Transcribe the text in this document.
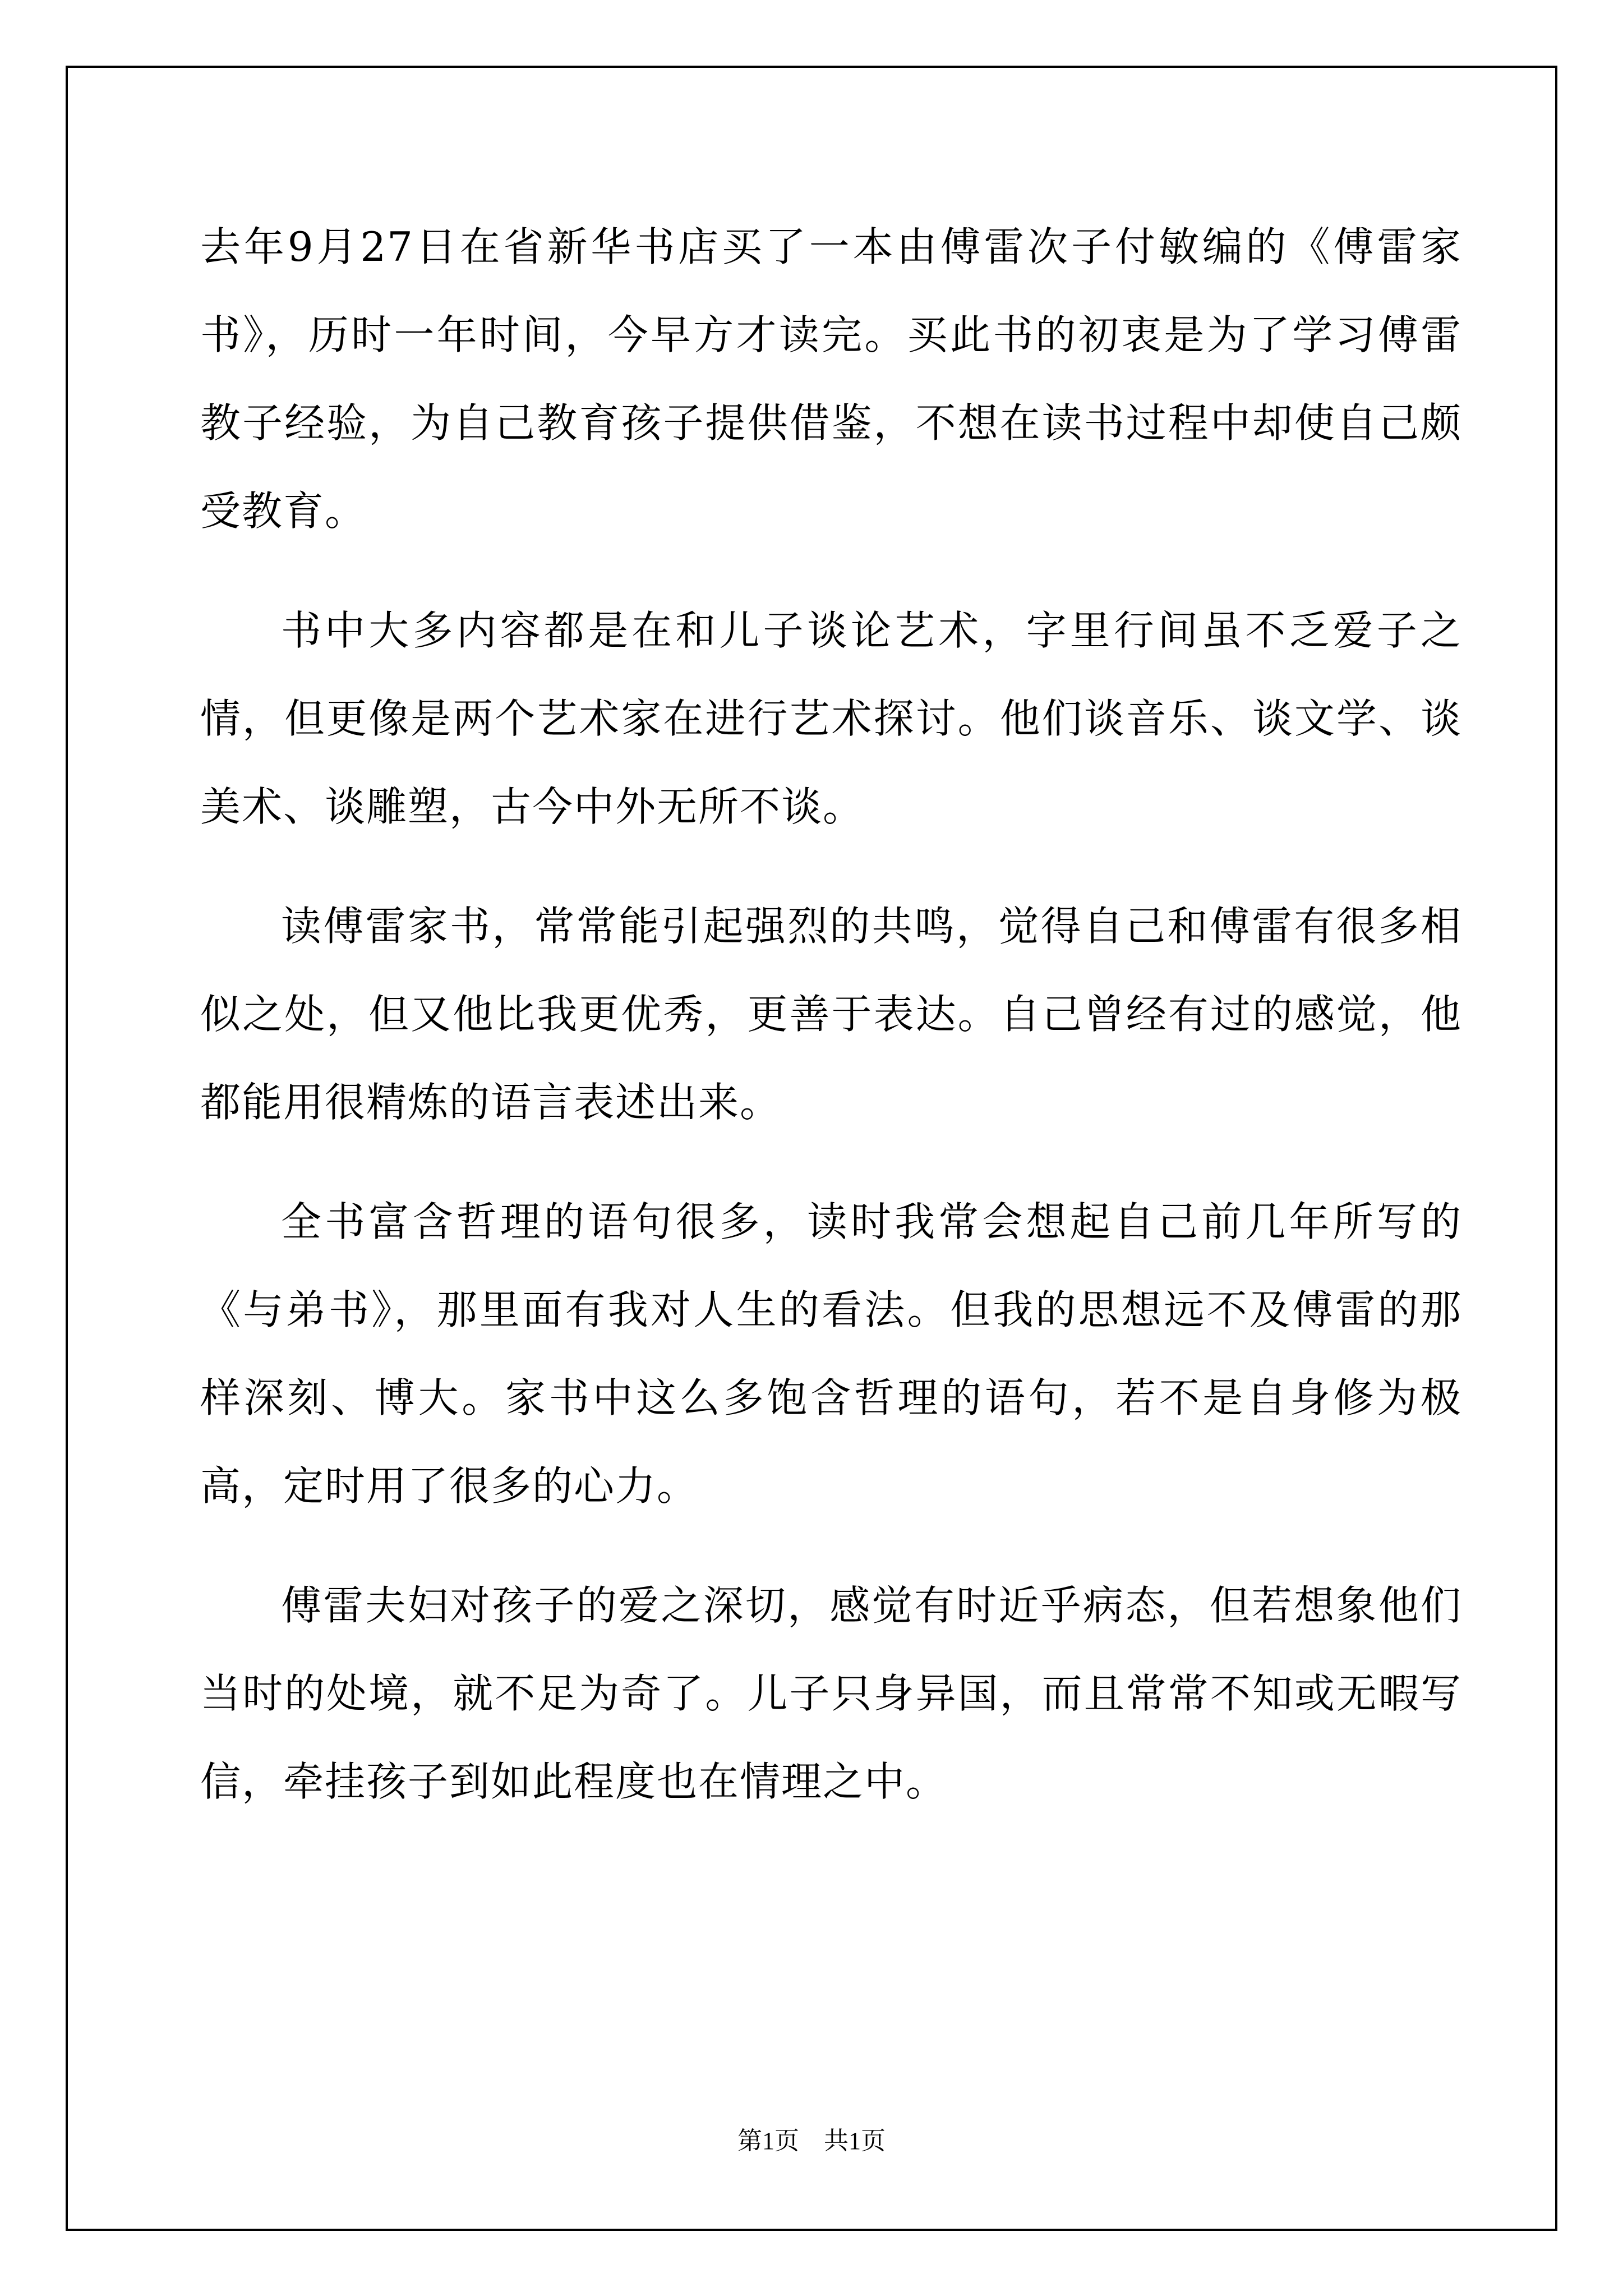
去年9月27日在省新华书店买了一本由傅雷次子付敏编的《傅雷家书》，历时一年时间，今早方才读完。买此书的初衷是为了学习傅雷教子经验，为自己教育孩子提供借鉴，不想在读书过程中却使自己颇受教育。

书中大多内容都是在和儿子谈论艺术，字里行间虽不乏爱子之情，但更像是两个艺术家在进行艺术探讨。他们谈音乐、谈文学、谈美术、谈雕塑，古今中外无所不谈。

读傅雷家书，常常能引起强烈的共鸣，觉得自己和傅雷有很多相似之处，但又他比我更优秀，更善于表达。自己曾经有过的感觉，他都能用很精炼的语言表述出来。

全书富含哲理的语句很多，读时我常会想起自己前几年所写的《与弟书》，那里面有我对人生的看法。但我的思想远不及傅雷的那样深刻、博大。家书中这么多饱含哲理的语句，若不是自身修为极高，定时用了很多的心力。

傅雷夫妇对孩子的爱之深切，感觉有时近乎病态，但若想象他们当时的处境，就不足为奇了。儿子只身异国，而且常常不知或无暇写信，牵挂孩子到如此程度也在情理之中。

第1页 共1页
